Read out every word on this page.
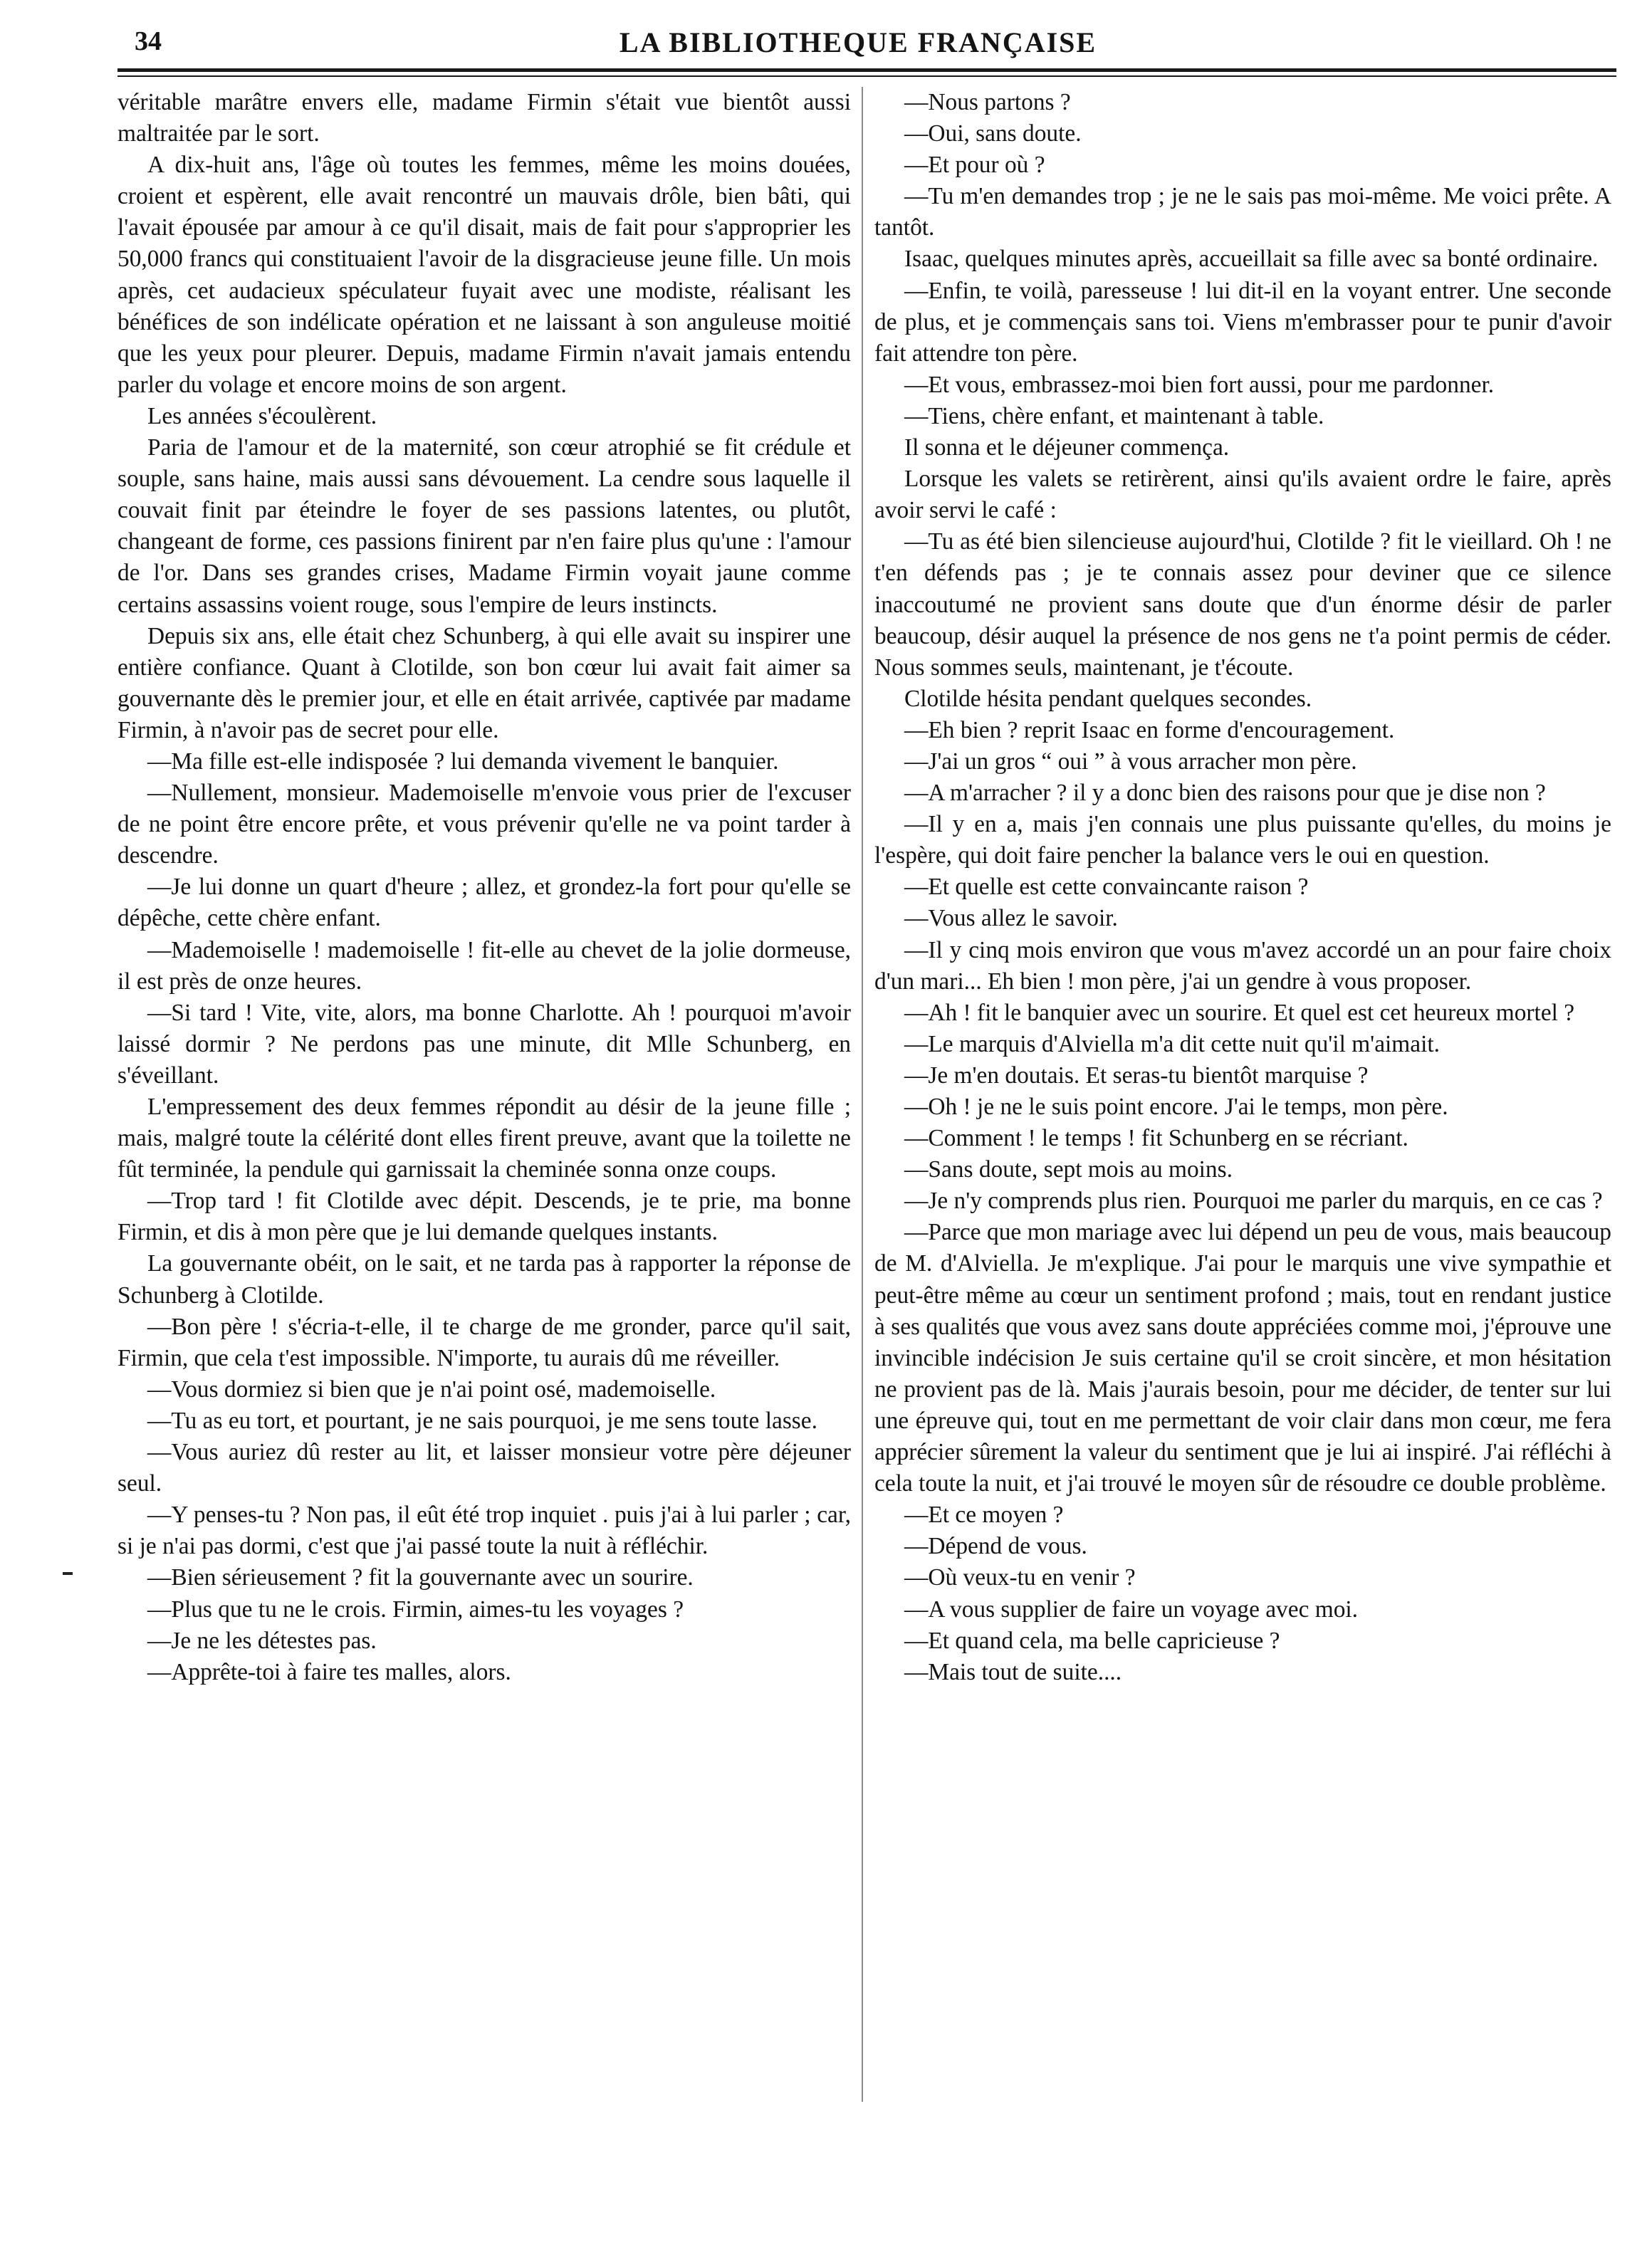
34	LA BIBLIOTHEQUE FRANÇAISE

véritable marâtre envers elle, madame Firmin s'était vue bientôt aussi maltraitée par le sort.

A dix-huit ans, l'âge où toutes les femmes, même les moins douées, croient et espèrent, elle avait rencontré un mauvais drôle, bien bâti, qui l'avait épousée par amour à ce qu'il disait, mais de fait pour s'approprier les 50,000 francs qui constituaient l'avoir de la disgracieuse jeune fille. Un mois après, cet audacieux spéculateur fuyait avec une modiste, réalisant les bénéfices de son indélicate opération et ne laissant à son anguleuse moitié que les yeux pour pleurer. Depuis, madame Firmin n'avait jamais entendu parler du volage et encore moins de son argent.

Les années s'écoulèrent.

Paria de l'amour et de la maternité, son cœur atrophié se fit crédule et souple, sans haine, mais aussi sans dévouement. La cendre sous laquelle il couvait finit par éteindre le foyer de ses passions latentes, ou plutôt, changeant de forme, ces passions finirent par n'en faire plus qu'une : l'amour de l'or. Dans ses grandes crises, Madame Firmin voyait jaune comme certains assassins voient rouge, sous l'empire de leurs instincts.

Depuis six ans, elle était chez Schunberg, à qui elle avait su inspirer une entière confiance. Quant à Clotilde, son bon cœur lui avait fait aimer sa gouvernante dès le premier jour, et elle en était arrivée, captivée par madame Firmin, à n'avoir pas de secret pour elle.

—Ma fille est-elle indisposée ? lui demanda vivement le banquier.

—Nullement, monsieur. Mademoiselle m'envoie vous prier de l'excuser de ne point être encore prête, et vous prévenir qu'elle ne va point tarder à descendre.

—Je lui donne un quart d'heure ; allez, et grondez-la fort pour qu'elle se dépêche, cette chère enfant.

—Mademoiselle ! mademoiselle ! fit-elle au chevet de la jolie dormeuse, il est près de onze heures.

—Si tard ! Vite, vite, alors, ma bonne Charlotte. Ah ! pourquoi m'avoir laissé dormir ? Ne perdons pas une minute, dit Mlle Schunberg, en s'éveillant.

L'empressement des deux femmes répondit au désir de la jeune fille ; mais, malgré toute la célérité dont elles firent preuve, avant que la toilette ne fût terminée, la pendule qui garnissait la cheminée sonna onze coups.

—Trop tard ! fit Clotilde avec dépit. Descends, je te prie, ma bonne Firmin, et dis à mon père que je lui demande quelques instants.

La gouvernante obéit, on le sait, et ne tarda pas à rapporter la réponse de Schunberg à Clotilde.

—Bon père ! s'écria-t-elle, il te charge de me gronder, parce qu'il sait, Firmin, que cela t'est impossible. N'importe, tu aurais dû me réveiller.

—Vous dormiez si bien que je n'ai point osé, mademoiselle.

—Tu as eu tort, et pourtant, je ne sais pourquoi, je me sens toute lasse.

—Vous auriez dû rester au lit, et laisser monsieur votre père déjeuner seul.

—Y penses-tu ? Non pas, il eût été trop inquiet . puis j'ai à lui parler ; car, si je n'ai pas dormi, c'est que j'ai passé toute la nuit à réfléchir.

—Bien sérieusement ? fit la gouvernante avec un sourire.

—Plus que tu ne le crois. Firmin, aimes-tu les voyages ?

—Je ne les détestes pas.

—Apprête-toi à faire tes malles, alors.

—Nous partons ?

—Oui, sans doute.

—Et pour où ?

—Tu m'en demandes trop ; je ne le sais pas moi-même. Me voici prête. A tantôt.

Isaac, quelques minutes après, accueillait sa fille avec sa bonté ordinaire.

—Enfin, te voilà, paresseuse ! lui dit-il en la voyant entrer. Une seconde de plus, et je commençais sans toi. Viens m'embrasser pour te punir d'avoir fait attendre ton père.

—Et vous, embrassez-moi bien fort aussi, pour me pardonner.

—Tiens, chère enfant, et maintenant à table.

Il sonna et le déjeuner commença.

Lorsque les valets se retirèrent, ainsi qu'ils avaient ordre le faire, après avoir servi le café :

—Tu as été bien silencieuse aujourd'hui, Clotilde ? fit le vieillard. Oh ! ne t'en défends pas ; je te connais assez pour deviner que ce silence inaccoutumé ne provient sans doute que d'un énorme désir de parler beaucoup, désir auquel la présence de nos gens ne t'a point permis de céder. Nous sommes seuls, maintenant, je t'écoute.

Clotilde hésita pendant quelques secondes.

—Eh bien ? reprit Isaac en forme d'encouragement.

—J'ai un gros “ oui ” à vous arracher mon père.

—A m'arracher ? il y a donc bien des raisons pour que je dise non ?

—Il y en a, mais j'en connais une plus puissante qu'elles, du moins je l'espère, qui doit faire pencher la balance vers le oui en question.

—Et quelle est cette convaincante raison ?

—Vous allez le savoir.

—Il y cinq mois environ que vous m'avez accordé un an pour faire choix d'un mari... Eh bien ! mon père, j'ai un gendre à vous proposer.

—Ah ! fit le banquier avec un sourire. Et quel est cet heureux mortel ?

—Le marquis d'Alviella m'a dit cette nuit qu'il m'aimait.

—Je m'en doutais. Et seras-tu bientôt marquise ?

—Oh ! je ne le suis point encore. J'ai le temps, mon père.

—Comment ! le temps ! fit Schunberg en se récriant.

—Sans doute, sept mois au moins.

—Je n'y comprends plus rien. Pourquoi me parler du marquis, en ce cas ?

—Parce que mon mariage avec lui dépend un peu de vous, mais beaucoup de M. d'Alviella. Je m'explique. J'ai pour le marquis une vive sympathie et peut-être même au cœur un sentiment profond ; mais, tout en rendant justice à ses qualités que vous avez sans doute appréciées comme moi, j'éprouve une invincible indécision Je suis certaine qu'il se croit sincère, et mon hésitation ne provient pas de là. Mais j'aurais besoin, pour me décider, de tenter sur lui une épreuve qui, tout en me permettant de voir clair dans mon cœur, me fera apprécier sûrement la valeur du sentiment que je lui ai inspiré. J'ai réfléchi à cela toute la nuit, et j'ai trouvé le moyen sûr de résoudre ce double problème.

—Et ce moyen ?

—Dépend de vous.

—Où veux-tu en venir ?

—A vous supplier de faire un voyage avec moi.

—Et quand cela, ma belle capricieuse ?

—Mais tout de suite....
